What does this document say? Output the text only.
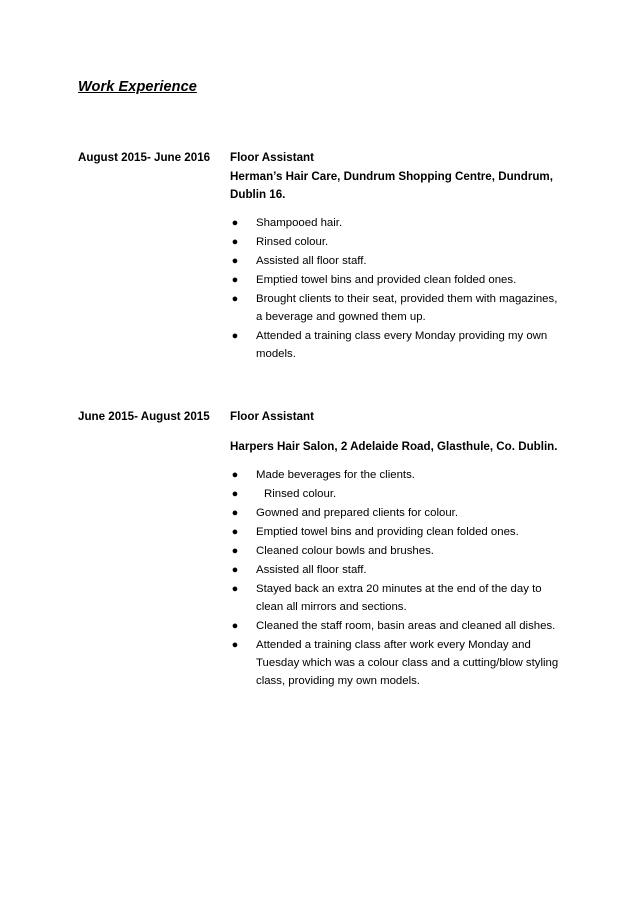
Work Experience
August 2015- June 2016 Floor Assistant
Herman’s Hair Care, Dundrum Shopping Centre, Dundrum, Dublin 16.
● Shampooed hair.
● Rinsed colour.
● Assisted all floor staff.
● Emptied towel bins and provided clean folded ones.
● Brought clients to their seat, provided them with magazines, a beverage and gowned them up.
● Attended a training class every Monday providing my own models.
June 2015- August 2015 Floor Assistant
Harpers Hair Salon, 2 Adelaide Road, Glasthule, Co. Dublin.
● Made beverages for the clients.
● Rinsed colour.
● Gowned and prepared clients for colour.
● Emptied towel bins and providing clean folded ones.
● Cleaned colour bowls and brushes.
● Assisted all floor staff.
● Stayed back an extra 20 minutes at the end of the day to clean all mirrors and sections.
● Cleaned the staff room, basin areas and cleaned all dishes.
● Attended a training class after work every Monday and Tuesday which was a colour class and a cutting/blow styling class, providing my own models.
